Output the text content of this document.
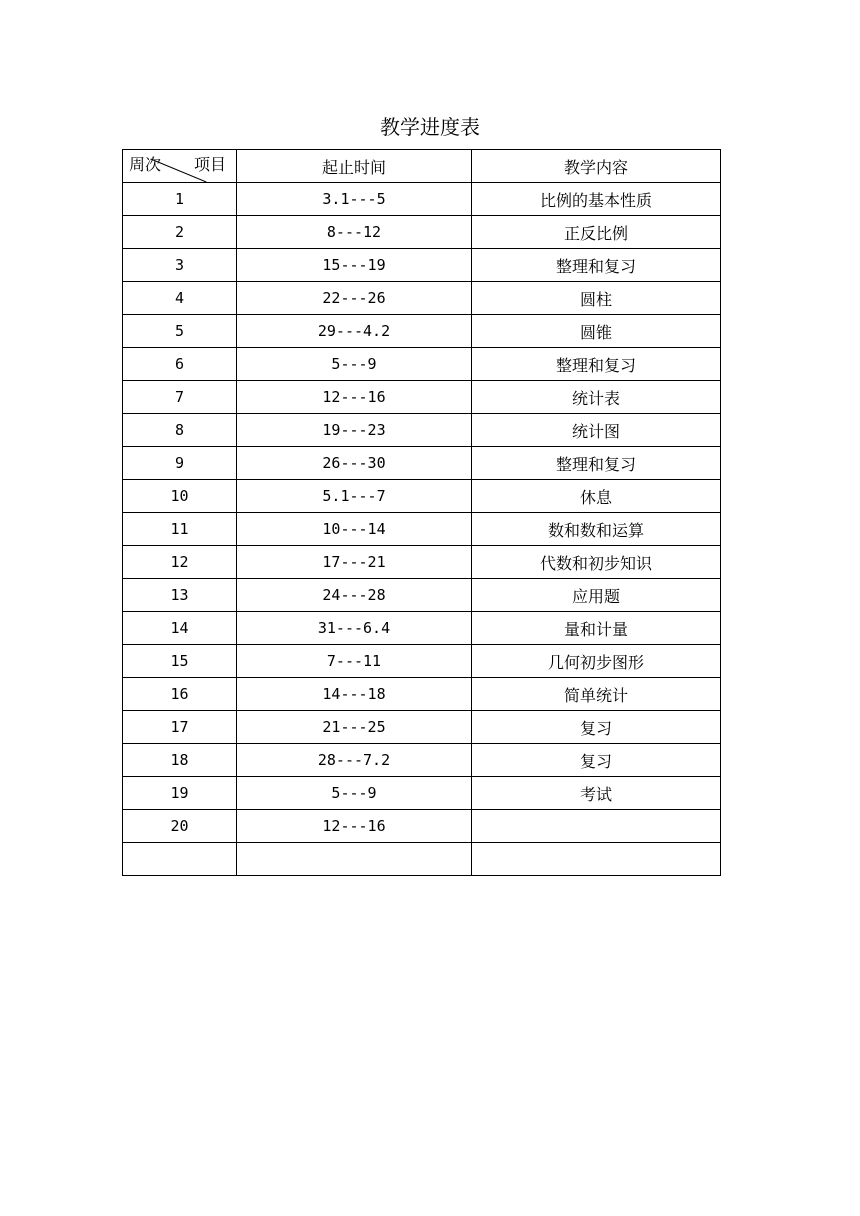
教学进度表
周次 项目	起止时间	教学内容
1	3.1---5	比例的基本性质
2	8---12	正反比例
3	15---19	整理和复习
4	22---26	圆柱
5	29---4.2	圆锥
6	5---9	整理和复习
7	12---16	统计表
8	19---23	统计图
9	26---30	整理和复习
10	5.1---7	休息
11	10---14	数和数和运算
12	17---21	代数和初步知识
13	24---28	应用题
14	31---6.4	量和计量
15	7---11	几何初步图形
16	14---18	简单统计
17	21---25	复习
18	28---7.2	复习
19	5---9	考试
20	12---16	
